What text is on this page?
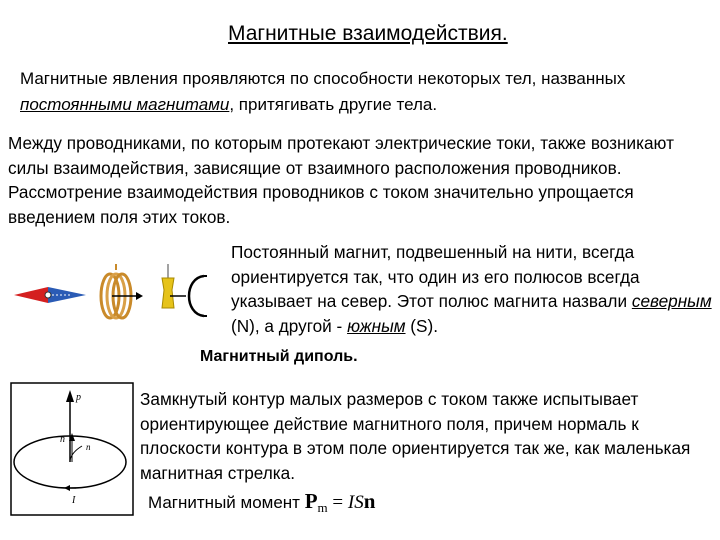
Магнитные взаимодействия.
Магнитные явления проявляются по способности некоторых тел, названных постоянными магнитами, притягивать другие тела.
Между проводниками, по которым протекают электрические токи, также возникают силы взаимодействия, зависящие от взаимного расположения проводников. Рассмотрение взаимодействия проводников с током значительно упрощается введением поля этих токов.
Постоянный магнит, подвешенный на нити, всегда ориентируется так, что один из его полюсов всегда указывает на север. Этот полюс магнита назвали северным (N), а другой - южным (S).
Магнитный диполь.
p
n
n
I
Замкнутый контур малых размеров с током также испытывает ориентирующее действие магнитного поля, причем нормаль к плоскости контура в этом поле ориентируется так же, как маленькая магнитная стрелка.
Магнитный момент $P_m$ = ISn
